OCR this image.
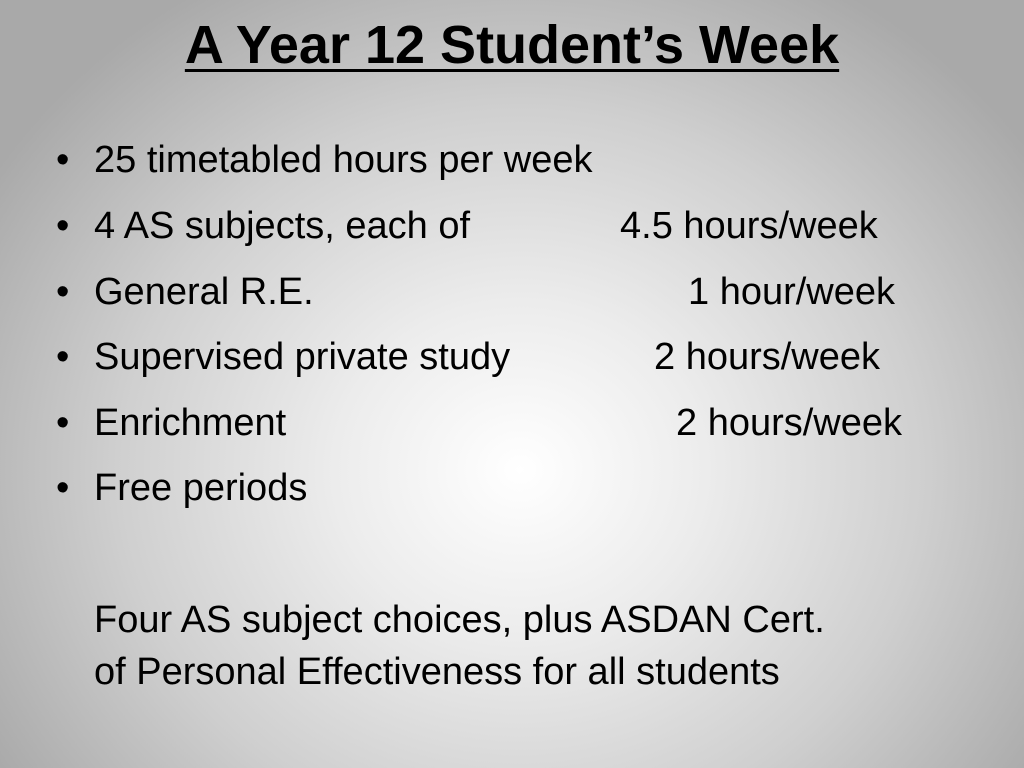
A Year 12 Student’s Week
• 25 timetabled hours per week
• 4 AS subjects, each of	4.5 hours/week
• General R.E.	1 hour/week
• Supervised private study	2 hours/week
• Enrichment	2 hours/week
• Free periods

Four AS subject choices, plus ASDAN Cert.
of Personal Effectiveness for all students
